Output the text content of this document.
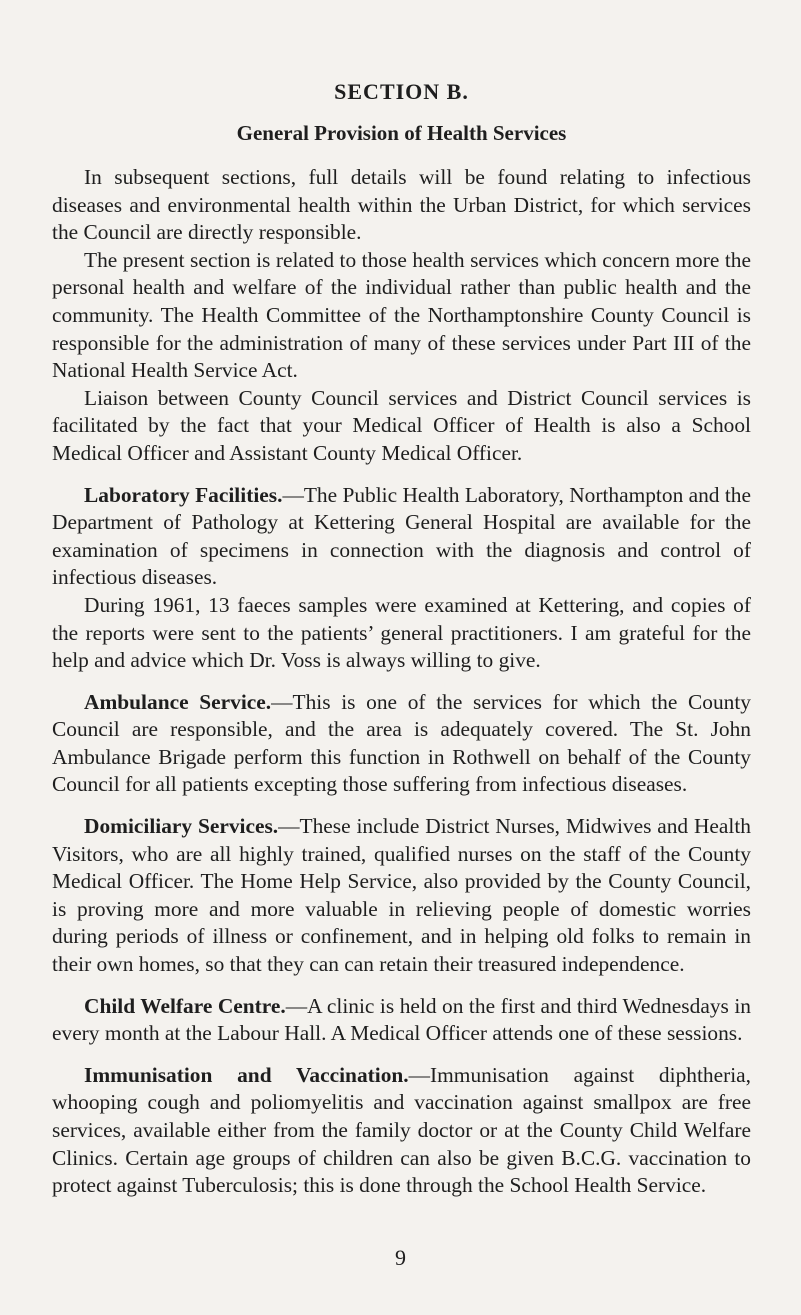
SECTION B.
General Provision of Health Services

In subsequent sections, full details will be found relating to infectious diseases and environmental health within the Urban District, for which services the Council are directly responsible.

The present section is related to those health services which concern more the personal health and welfare of the individual rather than public health and the community. The Health Committee of the Northamptonshire County Council is responsible for the administration of many of these services under Part III of the National Health Service Act.

Liaison between County Council services and District Council services is facilitated by the fact that your Medical Officer of Health is also a School Medical Officer and Assistant County Medical Officer.

Laboratory Facilities.—The Public Health Laboratory, Northampton and the Department of Pathology at Kettering General Hospital are available for the examination of specimens in connection with the diagnosis and control of infectious diseases.

During 1961, 13 faeces samples were examined at Kettering, and copies of the reports were sent to the patients’ general practitioners. I am grateful for the help and advice which Dr. Voss is always willing to give.

Ambulance Service.—This is one of the services for which the County Council are responsible, and the area is adequately covered. The St. John Ambulance Brigade perform this function in Rothwell on behalf of the County Council for all patients excepting those suffering from infectious diseases.

Domiciliary Services.—These include District Nurses, Midwives and Health Visitors, who are all highly trained, qualified nurses on the staff of the County Medical Officer. The Home Help Service, also provided by the County Council, is proving more and more valuable in relieving people of domestic worries during periods of illness or confinement, and in helping old folks to remain in their own homes, so that they can can retain their treasured independence.

Child Welfare Centre.—A clinic is held on the first and third Wednesdays in every month at the Labour Hall. A Medical Officer attends one of these sessions.

Immunisation and Vaccination.—Immunisation against diphtheria, whooping cough and poliomyelitis and vaccination against smallpox are free services, available either from the family doctor or at the County Child Welfare Clinics. Certain age groups of children can also be given B.C.G. vaccination to protect against Tuberculosis; this is done through the School Health Service.

9
